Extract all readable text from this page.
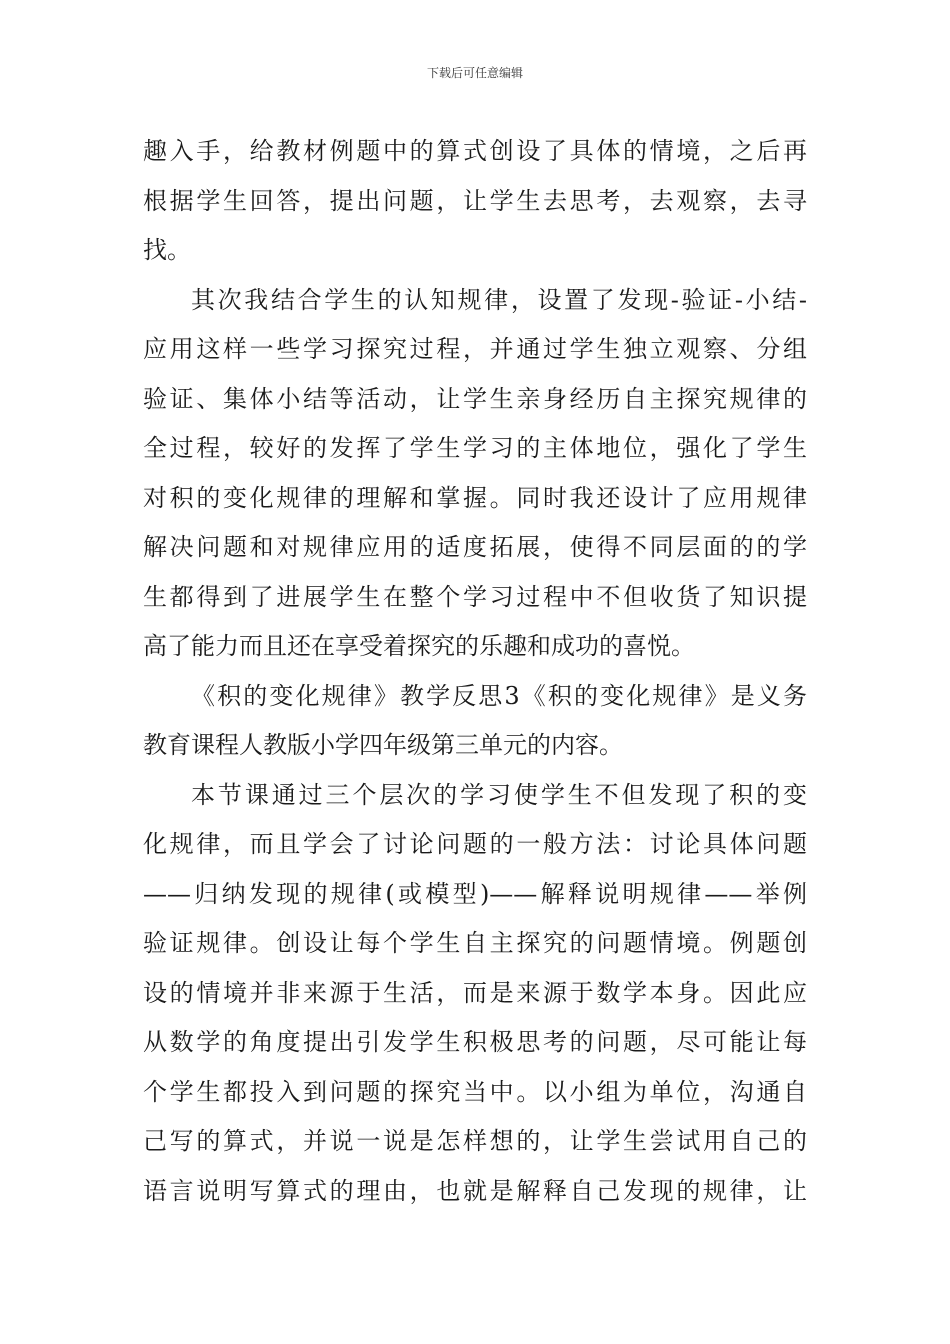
下载后可任意编辑
趣入手，给教材例题中的算式创设了具体的情境，之后再
根据学生回答，提出问题，让学生去思考，去观察，去寻
找。
其次我结合学生的认知规律，设置了发现-验证-小结-
应用这样一些学习探究过程，并通过学生独立观察、分组
验证、集体小结等活动，让学生亲身经历自主探究规律的
全过程，较好的发挥了学生学习的主体地位，强化了学生
对积的变化规律的理解和掌握。同时我还设计了应用规律
解决问题和对规律应用的适度拓展，使得不同层面的的学
生都得到了进展学生在整个学习过程中不但收货了知识提
高了能力而且还在享受着探究的乐趣和成功的喜悦。
《积的变化规律》教学反思3《积的变化规律》是义务
教育课程人教版小学四年级第三单元的内容。
本节课通过三个层次的学习使学生不但发现了积的变
化规律，而且学会了讨论问题的一般方法：讨论具体问题
——归纳发现的规律(或模型)——解释说明规律——举例
验证规律。创设让每个学生自主探究的问题情境。例题创
设的情境并非来源于生活，而是来源于数学本身。因此应
从数学的角度提出引发学生积极思考的问题，尽可能让每
个学生都投入到问题的探究当中。以小组为单位，沟通自
己写的算式，并说一说是怎样想的，让学生尝试用自己的
语言说明写算式的理由，也就是解释自己发现的规律，让
